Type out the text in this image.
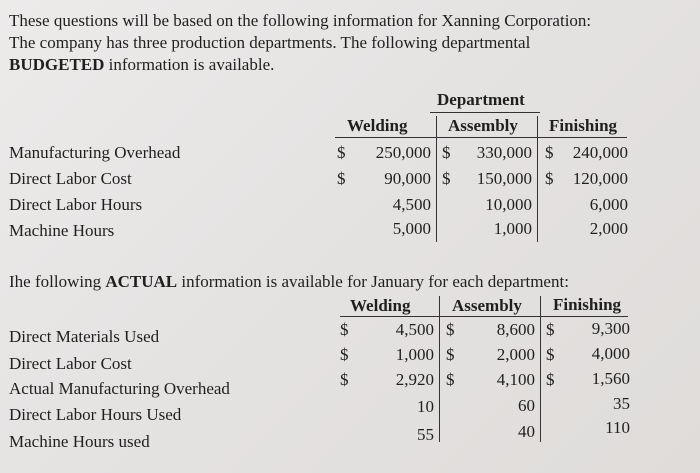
These questions will be based on the following information for Xanning Corporation:
The company has three production departments. The following departmental
BUDGETED information is available.
Department
Welding Assembly Finishing
Manufacturing Overhead	$	250,000 $	330,000 $	240,000
Direct Labor Cost	$	90,000 $	150,000 $	120,000
Direct Labor Hours	4,500	10,000	6,000
Machine Hours	5,000	1,000	2,000
Ihe following ACTUAL information is available for January for each department:
Welding Assembly Finishing
Direct Materials Used	$	4,500 $	8,600 $	9,300
Direct Labor Cost	$	1,000 $	2,000 $	4,000
Actual Manufacturing Overhead	$	2,920 $	4,100 $	1,560
Direct Labor Hours Used	10	60	35
Machine Hours used	55	40	110
